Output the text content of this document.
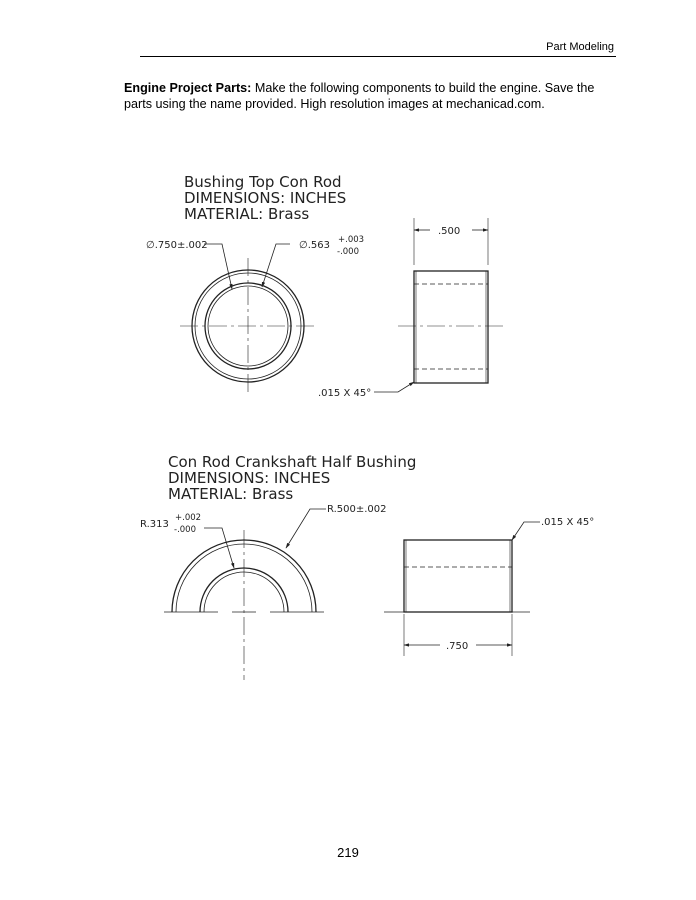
Part Modeling
Engine Project Parts: Make the following components to build the engine. Save the parts using the name provided. High resolution images at mechanicad.com.
Bushing Top Con Rod
DIMENSIONS: INCHES
MATERIAL: Brass
∅.750±.002	∅.563 +.003
-.000
.500
.015 X 45°
Con Rod Crankshaft Half Bushing
DIMENSIONS: INCHES
MATERIAL: Brass
R.313
+.002
-.000
R.500±.002
.015 X 45°
.750
219
